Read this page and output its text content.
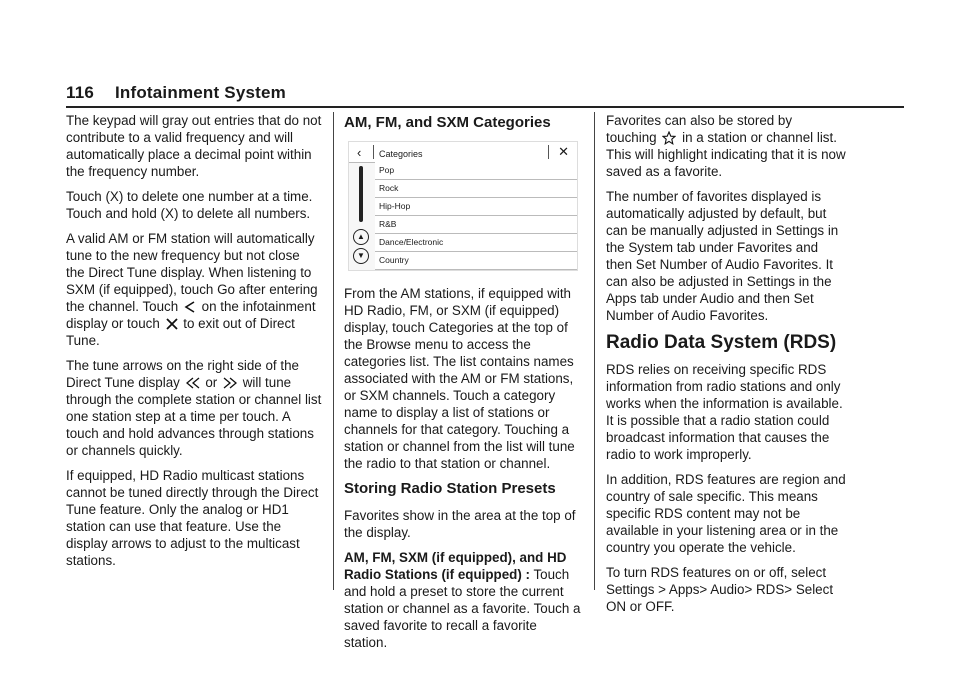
116 Infotainment System

The keypad will gray out entries that do not contribute to a valid frequency and will automatically place a decimal point within the frequency number.

Touch (X) to delete one number at a time. Touch and hold (X) to delete all numbers.

A valid AM or FM station will automatically tune to the new frequency but not close the Direct Tune display. When listening to SXM (if equipped), touch Go after entering the channel. Touch on the infotainment display or touch to exit out of Direct Tune.

The tune arrows on the right side of the Direct Tune display or will tune through the complete station or channel list one station step at a time per touch. A touch and hold advances through stations or channels quickly.

If equipped, HD Radio multicast stations cannot be tuned directly through the Direct Tune feature. Only the analog or HD1 station can use that feature. Use the display arrows to adjust to the multicast stations.

AM, FM, and SXM Categories
‹ Categories	✕
▲
▼
Pop
Rock
Hip-Hop
R&B
Dance/Electronic
Country

From the AM stations, if equipped with HD Radio, FM, or SXM (if equipped) display, touch Categories at the top of the Browse menu to access the categories list. The list contains names associated with the AM or FM stations, or SXM channels. Touch a category name to display a list of stations or channels for that category. Touching a station or channel from the list will tune the radio to that station or channel.

Storing Radio Station Presets

Favorites show in the area at the top of the display.

AM, FM, SXM (if equipped), and HD Radio Stations (if equipped) : Touch and hold a preset to store the current station or channel as a favorite. Touch a saved favorite to recall a favorite station.

Favorites can also be stored by touching in a station or channel list. This will highlight indicating that it is now saved as a favorite.

The number of favorites displayed is automatically adjusted by default, but can be manually adjusted in Settings in the System tab under Favorites and then Set Number of Audio Favorites. It can also be adjusted in Settings in the Apps tab under Audio and then Set Number of Audio Favorites.

Radio Data System (RDS)

RDS relies on receiving specific RDS information from radio stations and only works when the information is available. It is possible that a radio station could broadcast information that causes the radio to work improperly.

In addition, RDS features are region and country of sale specific. This means specific RDS content may not be available in your listening area or in the country you operate the vehicle.

To turn RDS features on or off, select Settings > Apps> Audio> RDS> Select ON or OFF.
